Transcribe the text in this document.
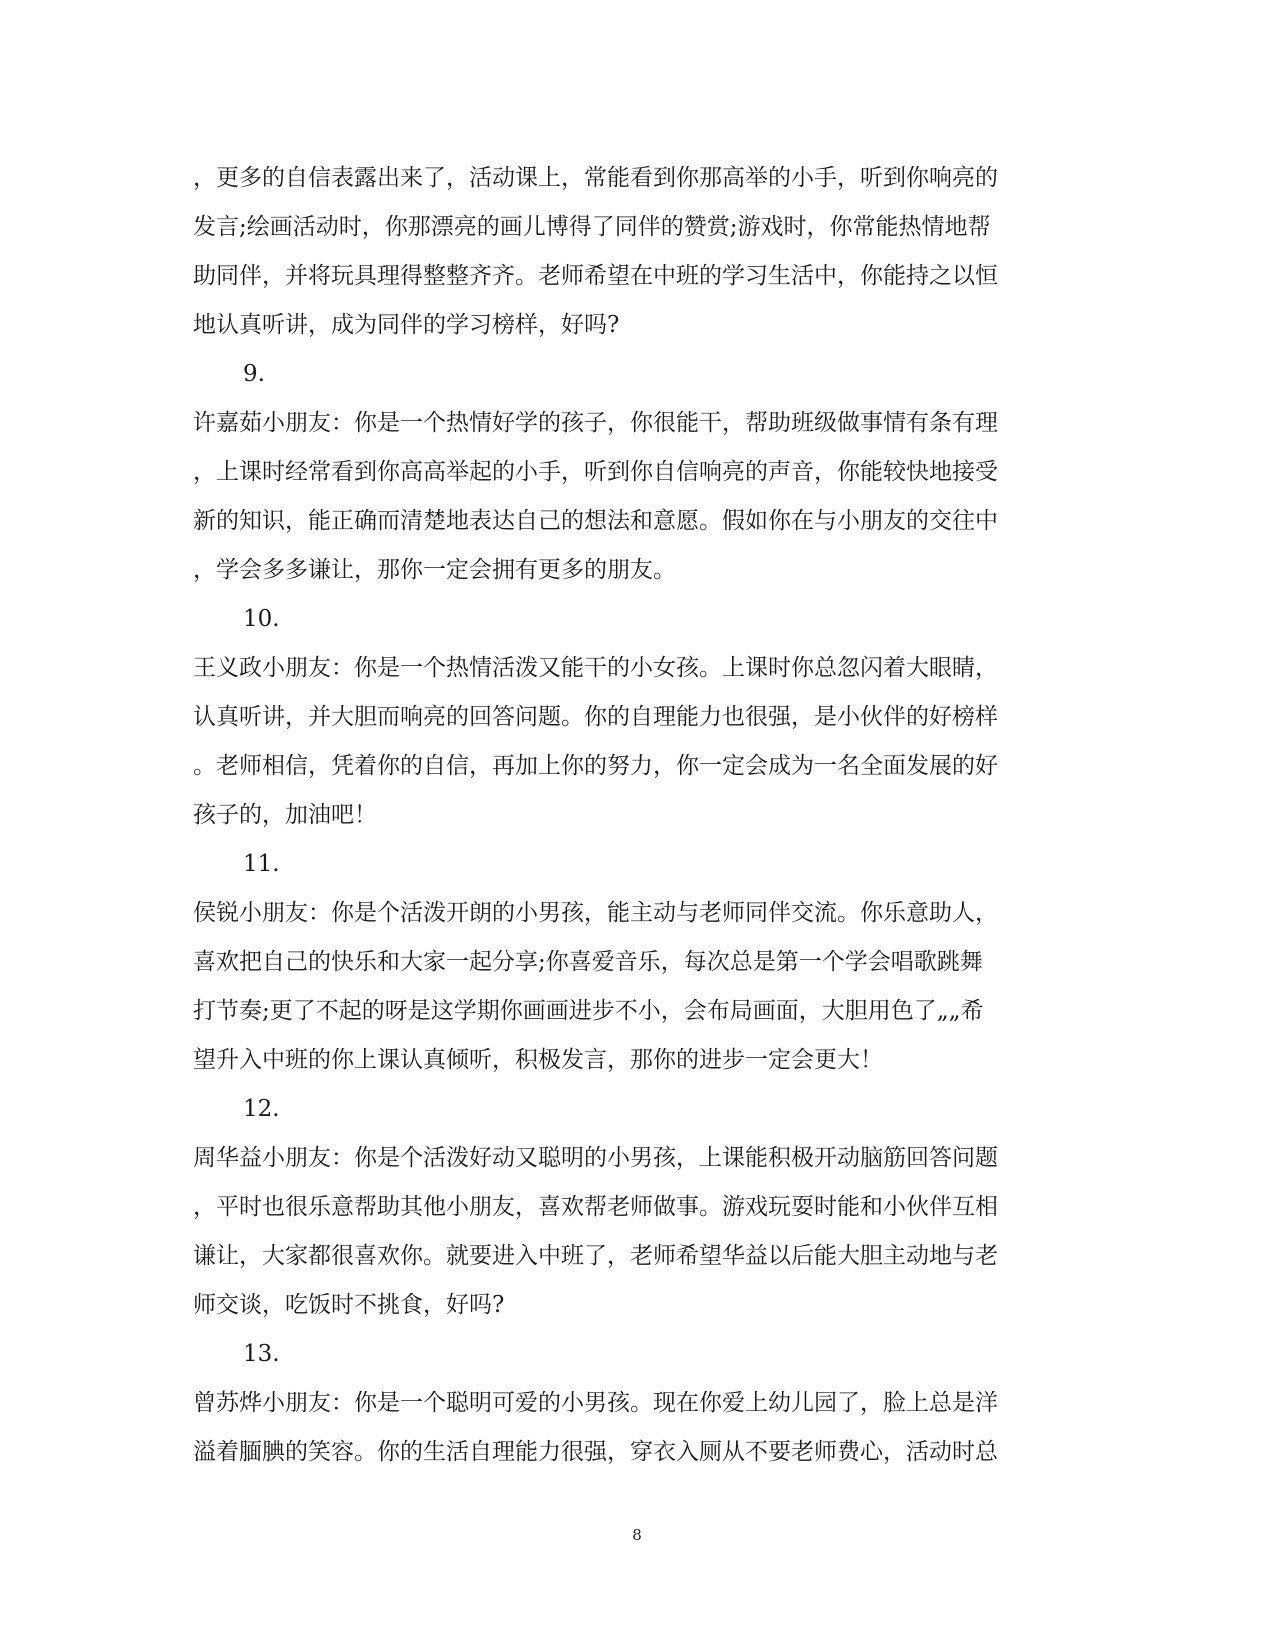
，更多的自信表露出来了，活动课上，常能看到你那高举的小手，听到你响亮的
发言;绘画活动时，你那漂亮的画儿博得了同伴的赞赏;游戏时，你常能热情地帮
助同伴，并将玩具理得整整齐齐。老师希望在中班的学习生活中，你能持之以恒
地认真听讲，成为同伴的学习榜样，好吗?
9.
许嘉茹小朋友：你是一个热情好学的孩子，你很能干，帮助班级做事情有条有理
，上课时经常看到你高高举起的小手，听到你自信响亮的声音，你能较快地接受
新的知识，能正确而清楚地表达自己的想法和意愿。假如你在与小朋友的交往中
，学会多多谦让，那你一定会拥有更多的朋友。
10.
王义政小朋友：你是一个热情活泼又能干的小女孩。上课时你总忽闪着大眼睛，
认真听讲，并大胆而响亮的回答问题。你的自理能力也很强，是小伙伴的好榜样
。老师相信，凭着你的自信，再加上你的努力，你一定会成为一名全面发展的好
孩子的，加油吧！
11.
侯锐小朋友：你是个活泼开朗的小男孩，能主动与老师同伴交流。你乐意助人，
喜欢把自己的快乐和大家一起分享;你喜爱音乐，每次总是第一个学会唱歌跳舞
打节奏;更了不起的呀是这学期你画画进步不小，会布局画面，大胆用色了„„希
望升入中班的你上课认真倾听，积极发言，那你的进步一定会更大！
12.
周华益小朋友：你是个活泼好动又聪明的小男孩，上课能积极开动脑筋回答问题
，平时也很乐意帮助其他小朋友，喜欢帮老师做事。游戏玩耍时能和小伙伴互相
谦让，大家都很喜欢你。就要进入中班了，老师希望华益以后能大胆主动地与老
师交谈，吃饭时不挑食，好吗?
13.
曾苏烨小朋友：你是一个聪明可爱的小男孩。现在你爱上幼儿园了，脸上总是洋
溢着腼腆的笑容。你的生活自理能力很强，穿衣入厕从不要老师费心，活动时总
8
